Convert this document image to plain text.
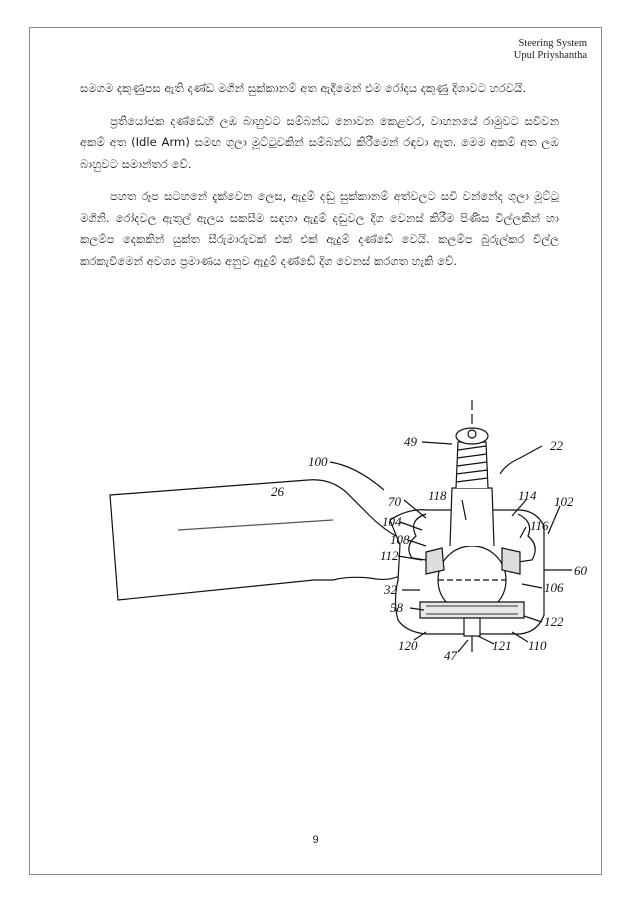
Steering System
Upul Priyshantha

සමගම දකුණුපස ඇති දණ්ඩ මගින් සුක්කානම් අත ඇදීමෙන් එම රෝදය දකුණු දිශාවට හරවයි.

ප්‍රතියෝජක දණ්ඩෙහි ලඹ බාහුවට සම්බන්ධ නොවන කෙළවර, වාහනයේ රාමුවට සවිවන අකම් අත (Idle Arm) සමඟ ගුලා මූට්ටුවකින් සම්බන්ධ කිරීමෙන් රඳවා ඇත. මෙම අකම් අත ලඹ බාහුවට සමාන්තර වේ.

පහත රූප සටහනේ දැක්වෙන ලෙස, ඇදුම් දඬු සුක්කානම් අත්වලට සවි වන්නේද ගුලා මූට්ටු මගිනි. රෝදවල ඇතුල් ඇලය සකසීම සඳහා ඇදුම් දඬුවල දිග වෙනස් කිරීම පිණිස විල්ලකින් හා කලම්ප දෙකකින් යුක්ත සීරුමාරුවක් එක් එක් ඇදුම් දණ්ඩේ වෙයි. කලම්ප බුරුල්කර විල්ල කරකැවීමෙන් අවශ්‍ය ප්‍රමාණය අනුව ඇදුම් දණ්ඩේ දිග වෙනස් කරගත හැකි වේ.

49	22
100
26
70 118	114 102
104	116
108
112
60
32	106
58
122
120
47
121 110
9
